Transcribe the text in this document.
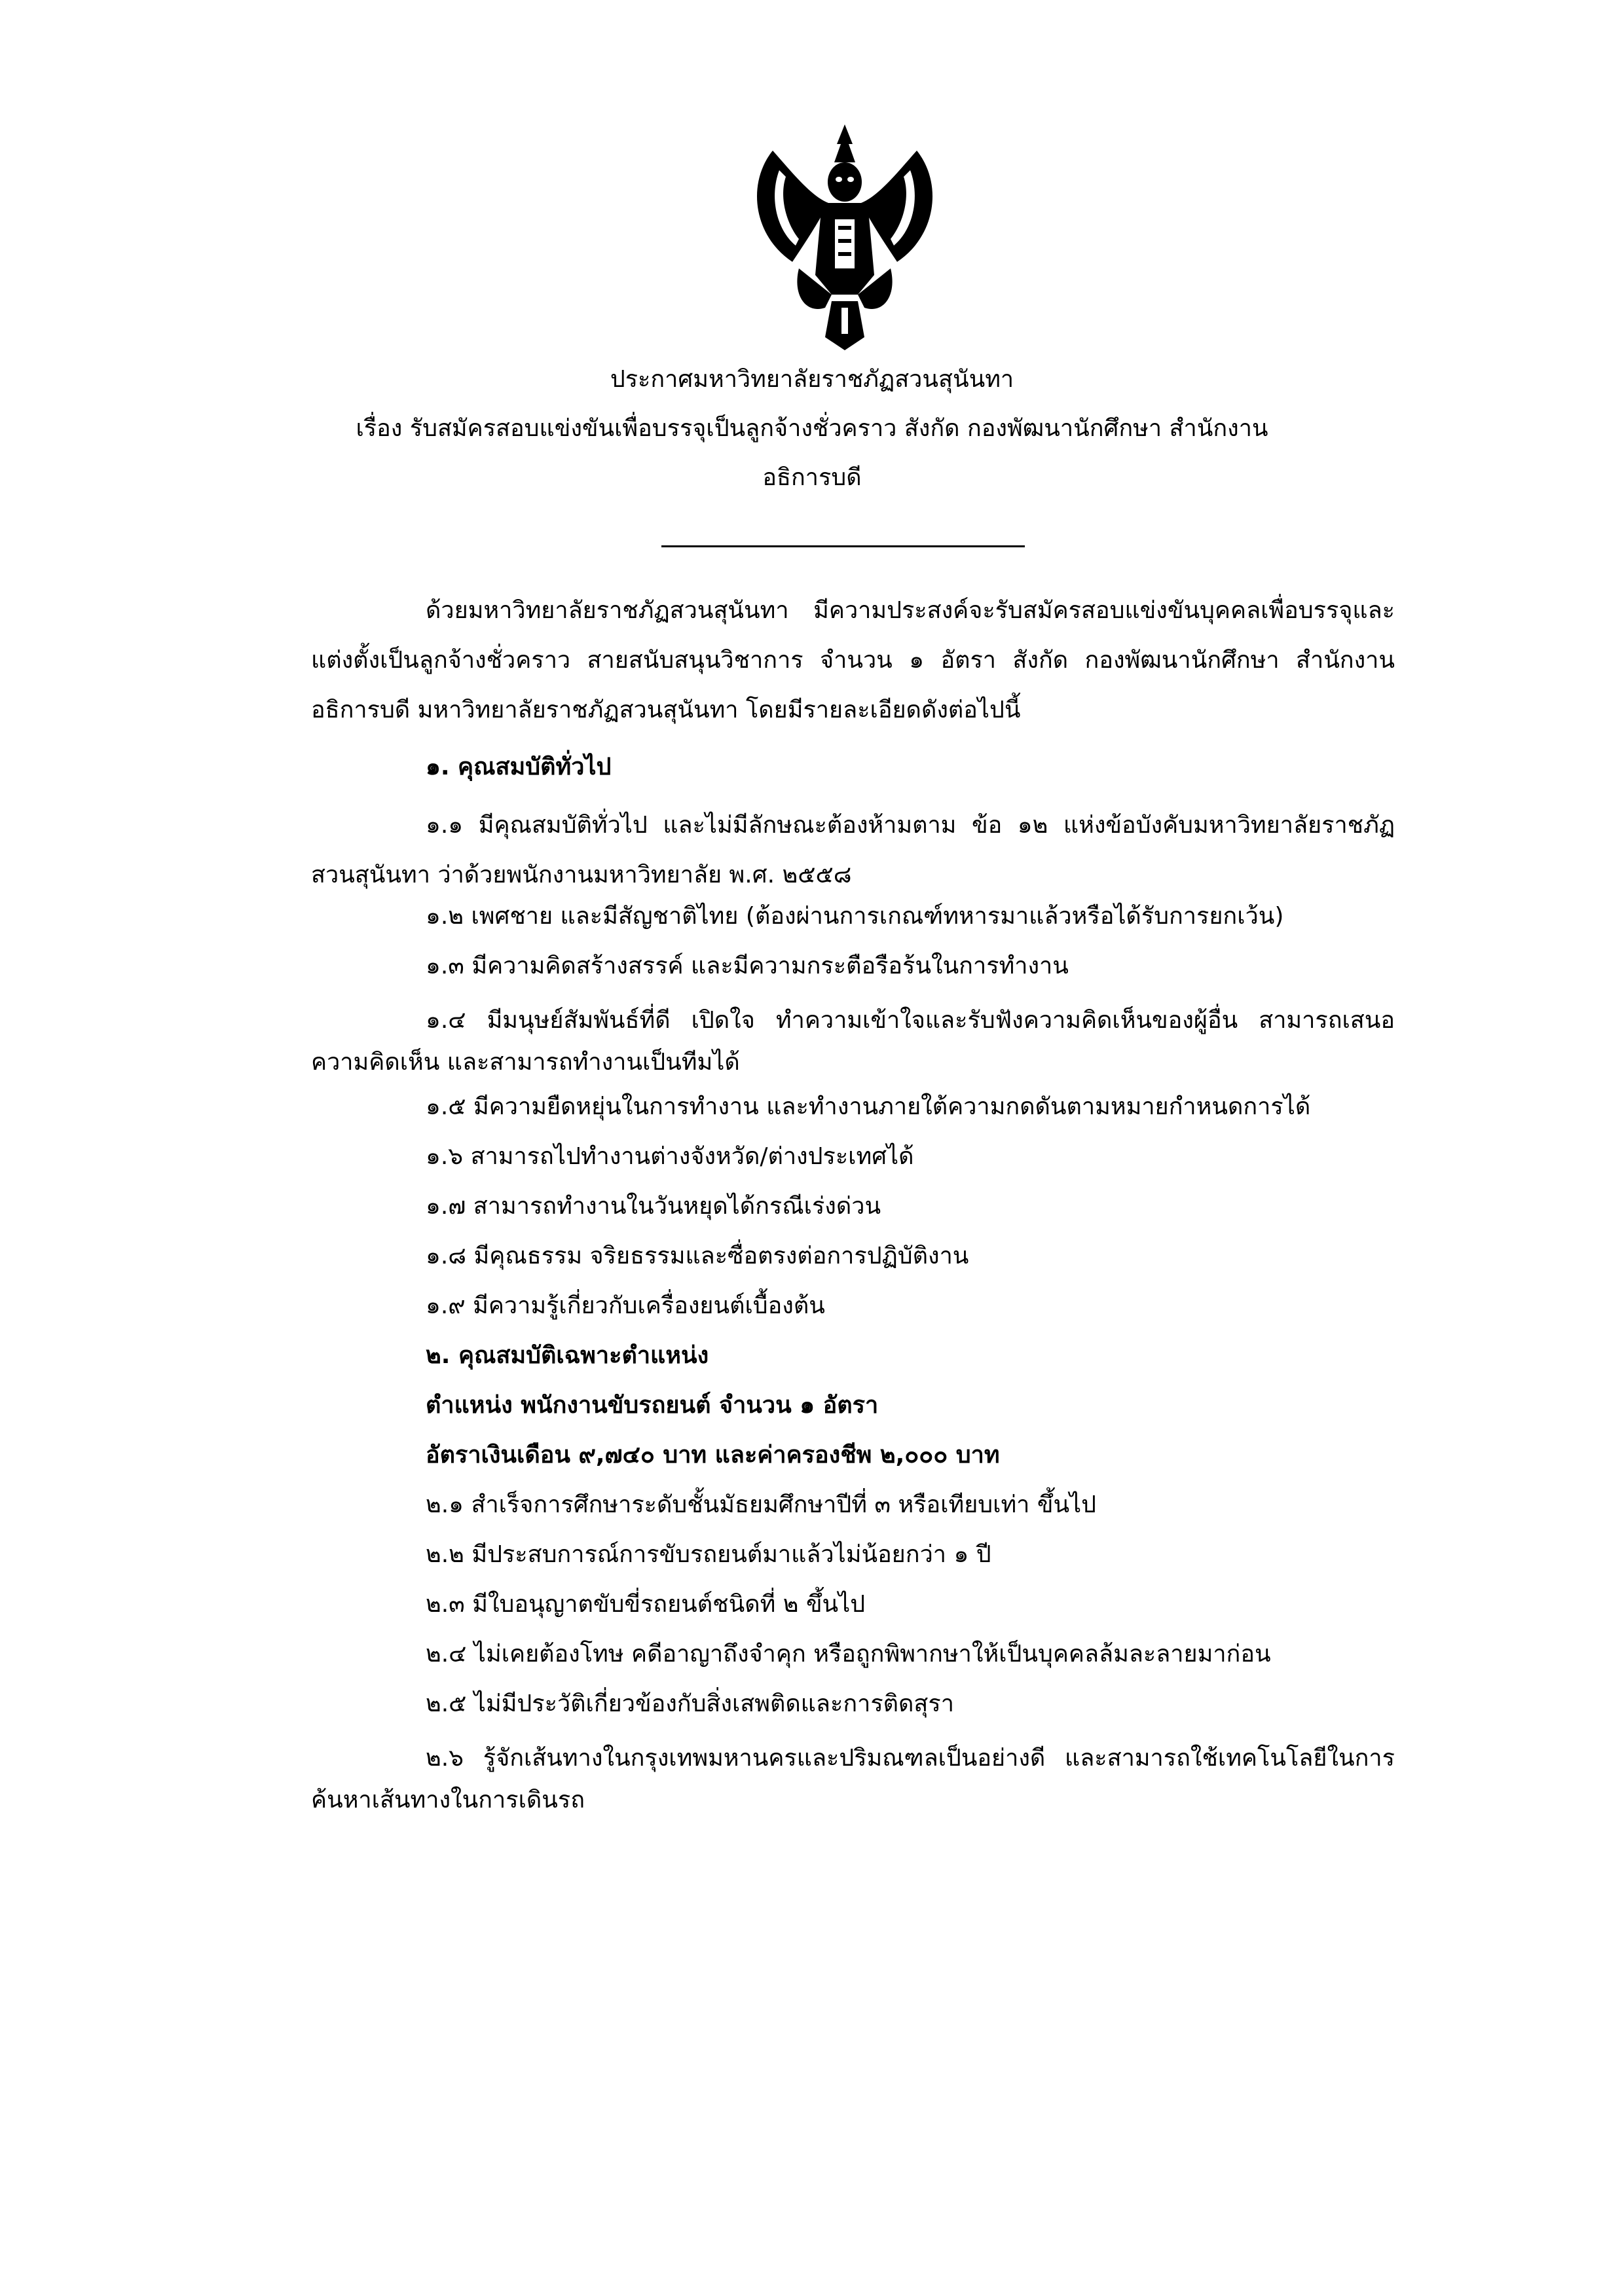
ประกาศมหาวิทยาลัยราชภัฏสวนสุนันทา
เรื่อง รับสมัครสอบแข่งขันเพื่อบรรจุเป็นลูกจ้างชั่วคราว สังกัด กองพัฒนานักศึกษา สำนักงาน
อธิการบดี
ด้วยมหาวิทยาลัยราชภัฏสวนสุนันทา มีความประสงค์จะรับสมัครสอบแข่งขันบุคคลเพื่อบรรจุและแต่งตั้งเป็นลูกจ้างชั่วคราว สายสนับสนุนวิชาการ จำนวน ๑ อัตรา สังกัด กองพัฒนานักศึกษา สำนักงานอธิการบดี มหาวิทยาลัยราชภัฏสวนสุนันทา โดยมีรายละเอียดดังต่อไปนี้
๑. คุณสมบัติทั่วไป
๑.๑ มีคุณสมบัติทั่วไป และไม่มีลักษณะต้องห้ามตาม ข้อ ๑๒ แห่งข้อบังคับมหาวิทยาลัยราชภัฏสวนสุนันทา ว่าด้วยพนักงานมหาวิทยาลัย พ.ศ. ๒๕๕๘
๑.๒ เพศชาย และมีสัญชาติไทย (ต้องผ่านการเกณฑ์ทหารมาแล้วหรือได้รับการยกเว้น)
๑.๓ มีความคิดสร้างสรรค์ และมีความกระตือรือร้นในการทำงาน
๑.๔ มีมนุษย์สัมพันธ์ที่ดี เปิดใจ ทำความเข้าใจและรับฟังความคิดเห็นของผู้อื่น สามารถเสนอความคิดเห็น และสามารถทำงานเป็นทีมได้
๑.๕ มีความยืดหยุ่นในการทำงาน และทำงานภายใต้ความกดดันตามหมายกำหนดการได้
๑.๖ สามารถไปทำงานต่างจังหวัด/ต่างประเทศได้
๑.๗ สามารถทำงานในวันหยุดได้กรณีเร่งด่วน
๑.๘ มีคุณธรรม จริยธรรมและซื่อตรงต่อการปฏิบัติงาน
๑.๙ มีความรู้เกี่ยวกับเครื่องยนต์เบื้องต้น
๒. คุณสมบัติเฉพาะตำแหน่ง
ตำแหน่ง พนักงานขับรถยนต์ จำนวน ๑ อัตรา
อัตราเงินเดือน ๙,๗๔๐ บาท และค่าครองชีพ ๒,๐๐๐ บาท
๒.๑ สำเร็จการศึกษาระดับชั้นมัธยมศึกษาปีที่ ๓ หรือเทียบเท่า ขึ้นไป
๒.๒ มีประสบการณ์การขับรถยนต์มาแล้วไม่น้อยกว่า ๑ ปี
๒.๓ มีใบอนุญาตขับขี่รถยนต์ชนิดที่ ๒ ขึ้นไป
๒.๔ ไม่เคยต้องโทษ คดีอาญาถึงจำคุก หรือถูกพิพากษาให้เป็นบุคคลล้มละลายมาก่อน
๒.๕ ไม่มีประวัติเกี่ยวข้องกับสิ่งเสพติดและการติดสุรา
๒.๖ รู้จักเส้นทางในกรุงเทพมหานครและปริมณฑลเป็นอย่างดี และสามารถใช้เทคโนโลยีในการค้นหาเส้นทางในการเดินรถ
